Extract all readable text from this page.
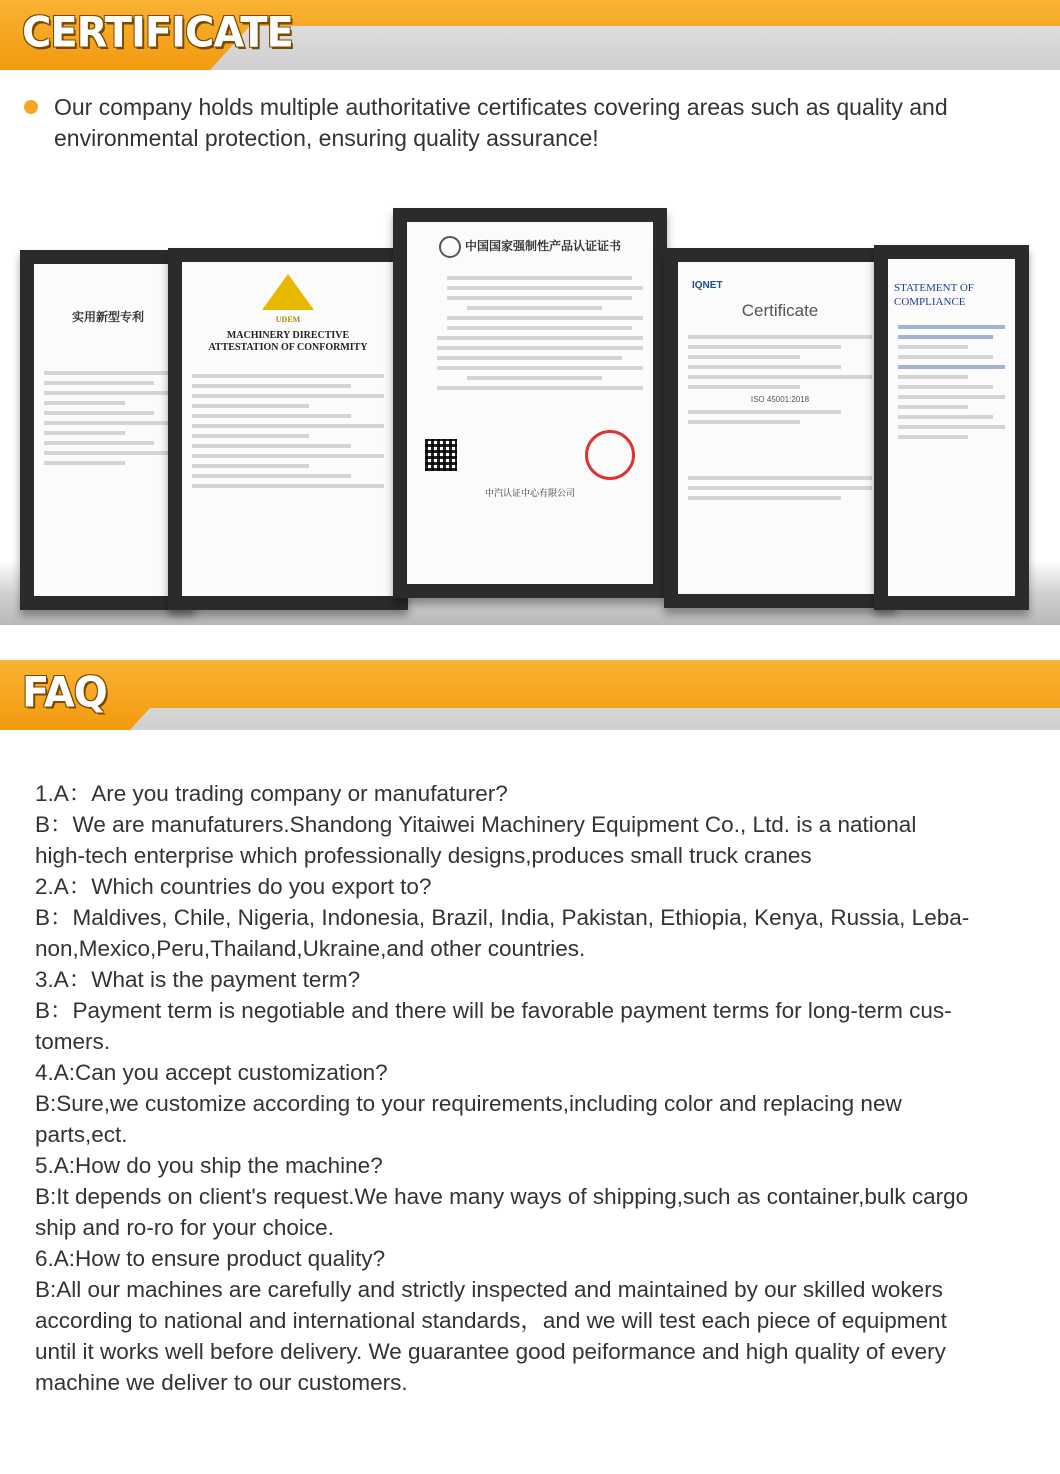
CERTIFICATE

Our company holds multiple authoritative certificates covering areas such as quality and environmental protection, ensuring quality assurance!

实用新型专利	UDEM
MACHINERY DIRECTIVE ATTESTATION OF CONFORMITY
中国国家强制性产品认证证书
中汽认证中心有限公司
IQNET
Certificate
ISO 45001:2018
STATEMENT OF COMPLIANCE
FAQ

1.A：Are you trading company or manufaturer?

B：We are manufaturers.Shandong Yitaiwei Machinery Equipment Co., Ltd. is a national

high-tech enterprise which professionally designs,produces small truck cranes

2.A：Which countries do you export to?

B：Maldives, Chile, Nigeria, Indonesia, Brazil, India, Pakistan, Ethiopia, Kenya, Russia, Leba-

non,Mexico,Peru,Thailand,Ukraine,and other countries.

3.A：What is the payment term?

B：Payment term is negotiable and there will be favorable payment terms for long-term cus-

tomers.

4.A:Can you accept customization?

B:Sure,we customize according to your requirements,including color and replacing new

parts,ect.

5.A:How do you ship the machine?

B:It depends on client's request.We have many ways of shipping,such as container,bulk cargo

ship and ro-ro for your choice.

6.A:How to ensure product quality?

B:All our machines are carefully and strictly inspected and maintained by our skilled wokers

according to national and international standards，and we will test each piece of equipment

until it works well before delivery. We guarantee good peiformance and high quality of every

machine we deliver to our customers.
